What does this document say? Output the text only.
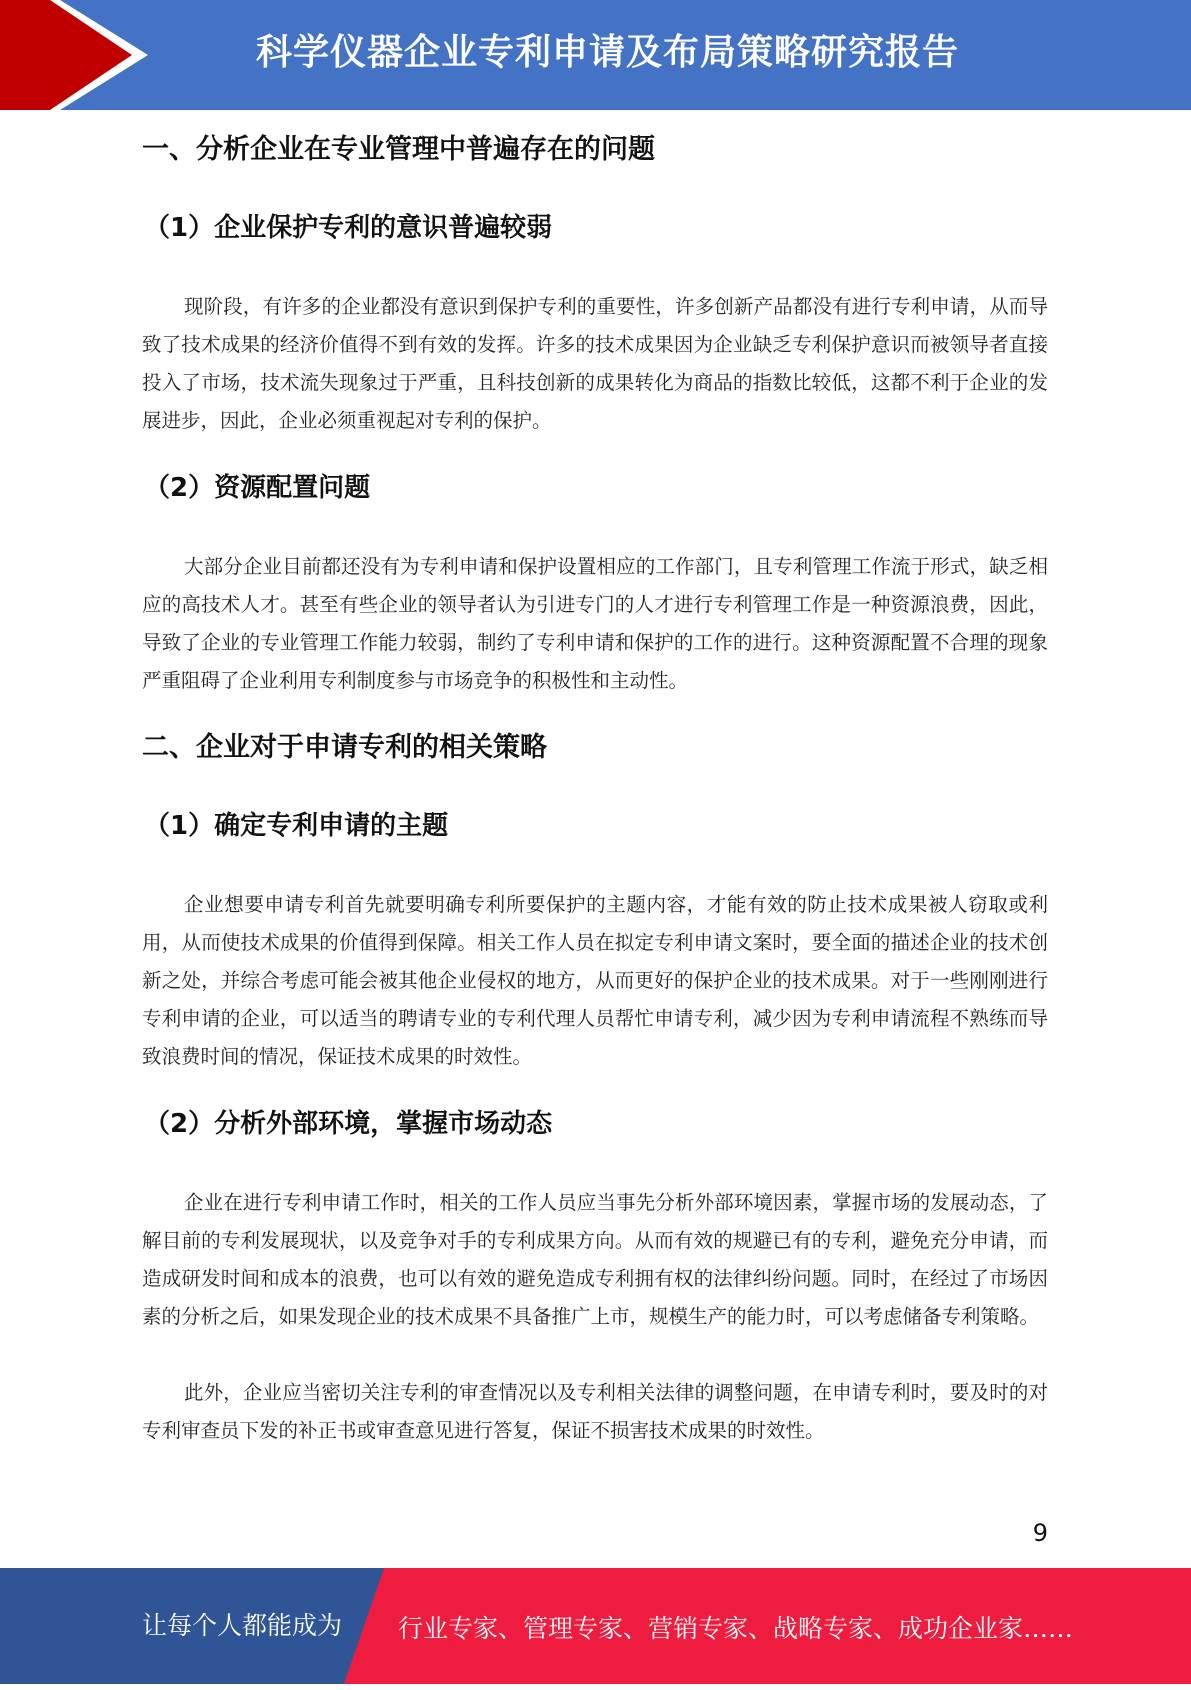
科学仪器企业专利申请及布局策略研究报告
一、分析企业在专业管理中普遍存在的问题
（1）企业保护专利的意识普遍较弱

现阶段，有许多的企业都没有意识到保护专利的重要性，许多创新产品都没有进行专利申请，从而导致了技术成果的经济价值得不到有效的发挥。许多的技术成果因为企业缺乏专利保护意识而被领导者直接投入了市场，技术流失现象过于严重，且科技创新的成果转化为商品的指数比较低，这都不利于企业的发展进步，因此，企业必须重视起对专利的保护。

（2）资源配置问题

大部分企业目前都还没有为专利申请和保护设置相应的工作部门，且专利管理工作流于形式，缺乏相应的高技术人才。甚至有些企业的领导者认为引进专门的人才进行专利管理工作是一种资源浪费，因此，导致了企业的专业管理工作能力较弱，制约了专利申请和保护的工作的进行。这种资源配置不合理的现象严重阻碍了企业利用专利制度参与市场竞争的积极性和主动性。

二、企业对于申请专利的相关策略
（1）确定专利申请的主题

企业想要申请专利首先就要明确专利所要保护的主题内容，才能有效的防止技术成果被人窃取或利用，从而使技术成果的价值得到保障。相关工作人员在拟定专利申请文案时，要全面的描述企业的技术创新之处，并综合考虑可能会被其他企业侵权的地方，从而更好的保护企业的技术成果。对于一些刚刚进行专利申请的企业，可以适当的聘请专业的专利代理人员帮忙申请专利，减少因为专利申请流程不熟练而导致浪费时间的情况，保证技术成果的时效性。

（2）分析外部环境，掌握市场动态

企业在进行专利申请工作时，相关的工作人员应当事先分析外部环境因素，掌握市场的发展动态，了解目前的专利发展现状，以及竞争对手的专利成果方向。从而有效的规避已有的专利，避免充分申请，而造成研发时间和成本的浪费，也可以有效的避免造成专利拥有权的法律纠纷问题。同时，在经过了市场因素的分析之后，如果发现企业的技术成果不具备推广上市，规模生产的能力时，可以考虑储备专利策略。

此外，企业应当密切关注专利的审查情况以及专利相关法律的调整问题，在申请专利时，要及时的对专利审查员下发的补正书或审查意见进行答复，保证不损害技术成果的时效性。

9
让每个人都能成为 行业专家、管理专家、营销专家、战略专家、成功企业家……
